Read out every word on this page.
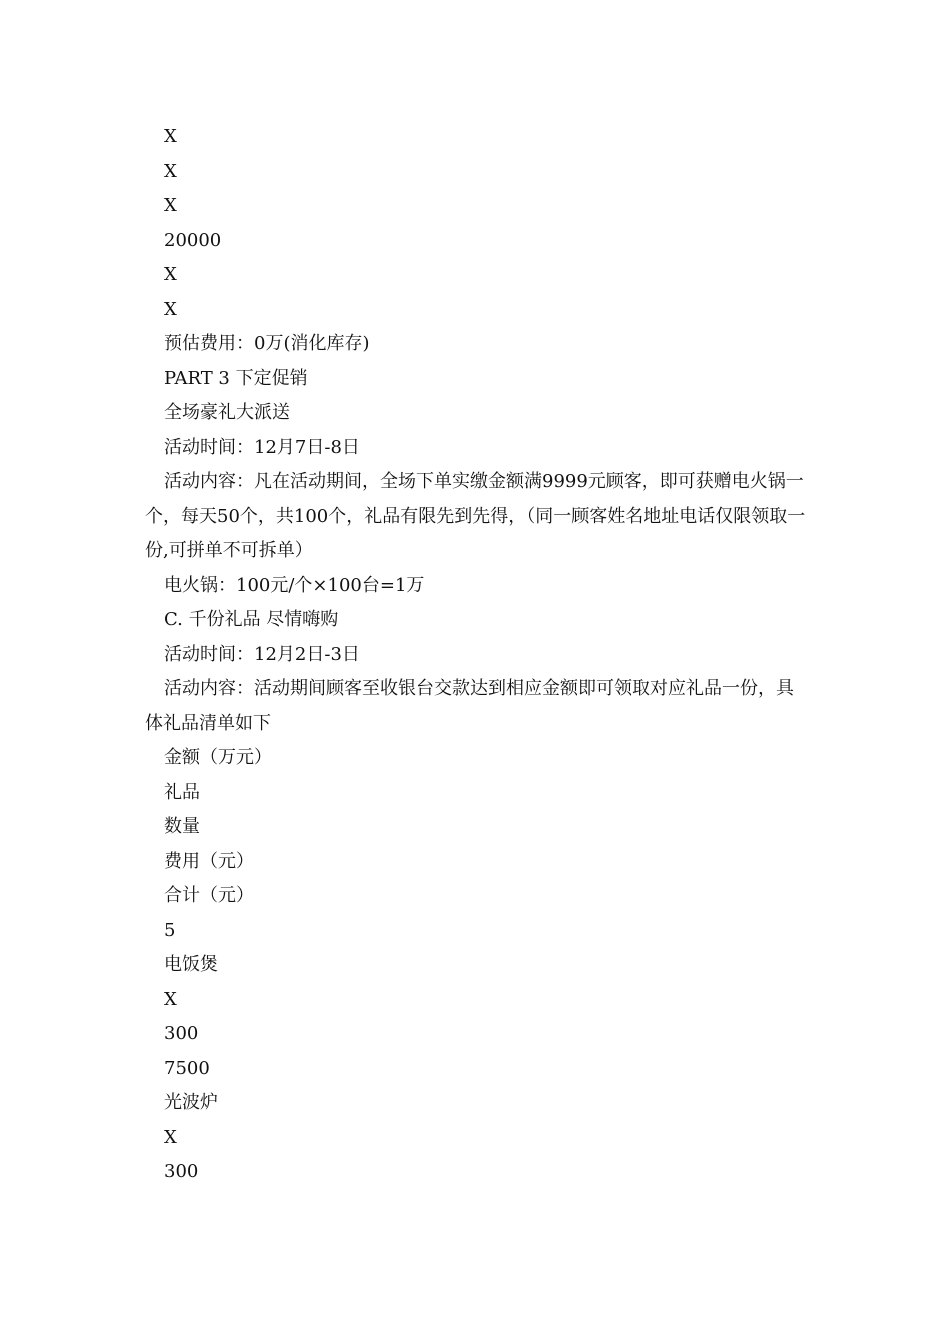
X
X
X
20000
X
X
预估费用：0万(消化库存)
PART 3 下定促销
全场豪礼大派送
活动时间：12月7日-8日
活动内容：凡在活动期间，全场下单实缴金额满9999元顾客，即可获赠电火锅一个，每天50个，共100个，礼品有限先到先得，（同一顾客姓名地址电话仅限领取一份,可拼单不可拆单）
电火锅：100元/个×100台=1万
C. 千份礼品 尽情嗨购
活动时间：12月2日-3日
活动内容：活动期间顾客至收银台交款达到相应金额即可领取对应礼品一份，具体礼品清单如下
金额（万元）
礼品
数量
费用（元）
合计（元）
5
电饭煲
X
300
7500
光波炉
X
300
